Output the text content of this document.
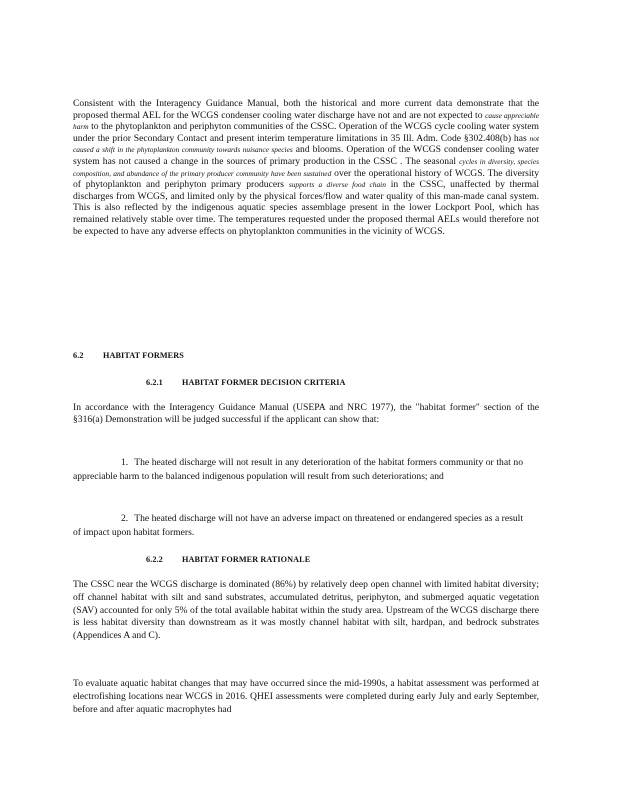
Consistent with the Interagency Guidance Manual, both the historical and more current data demonstrate that the proposed thermal AEL for the WCGS condenser cooling water discharge have not and are not expected to cause appreciable harm to the phytoplankton and periphyton communities of the CSSC. Operation of the WCGS cycle cooling water system under the prior Secondary Contact and present interim temperature limitations in 35 Ill. Adm. Code §302.408(b) has not caused a shift in the phytoplankton community towards nuisance species and blooms. Operation of the WCGS condenser cooling water system has not caused a change in the sources of primary production in the CSSC . The seasonal cycles in diversity, species composition, and abundance of the primary producer community have been sustained over the operational history of WCGS. The diversity of phytoplankton and periphyton primary producers supports a diverse food chain in the CSSC, unaffected by thermal discharges from WCGS, and limited only by the physical forces/flow and water quality of this man-made canal system. This is also reflected by the indigenous aquatic species assemblage present in the lower Lockport Pool, which has remained relatively stable over time. The temperatures requested under the proposed thermal AELs would therefore not be expected to have any adverse effects on phytoplankton communities in the vicinity of WCGS.

6.2 HABITAT FORMERS
6.2.1 HABITAT FORMER DECISION CRITERIA

In accordance with the Interagency Guidance Manual (USEPA and NRC 1977), the "habitat former" section of the §316(a) Demonstration will be judged successful if the applicant can show that:

1. The heated discharge will not result in any deterioration of the habitat formers community or that no appreciable harm to the balanced indigenous population will result from such deteriorations; and

2. The heated discharge will not have an adverse impact on threatened or endangered species as a result of impact upon habitat formers.

6.2.2 HABITAT FORMER RATIONALE

The CSSC near the WCGS discharge is dominated (86%) by relatively deep open channel with limited habitat diversity; off channel habitat with silt and sand substrates, accumulated detritus, periphyton, and submerged aquatic vegetation (SAV) accounted for only 5% of the total available habitat within the study area. Upstream of the WCGS discharge there is less habitat diversity than downstream as it was mostly channel habitat with silt, hardpan, and bedrock substrates (Appendices A and C).

To evaluate aquatic habitat changes that may have occurred since the mid-1990s, a habitat assessment was performed at electrofishing locations near WCGS in 2016. QHEI assessments were completed during early July and early September, before and after aquatic macrophytes had
